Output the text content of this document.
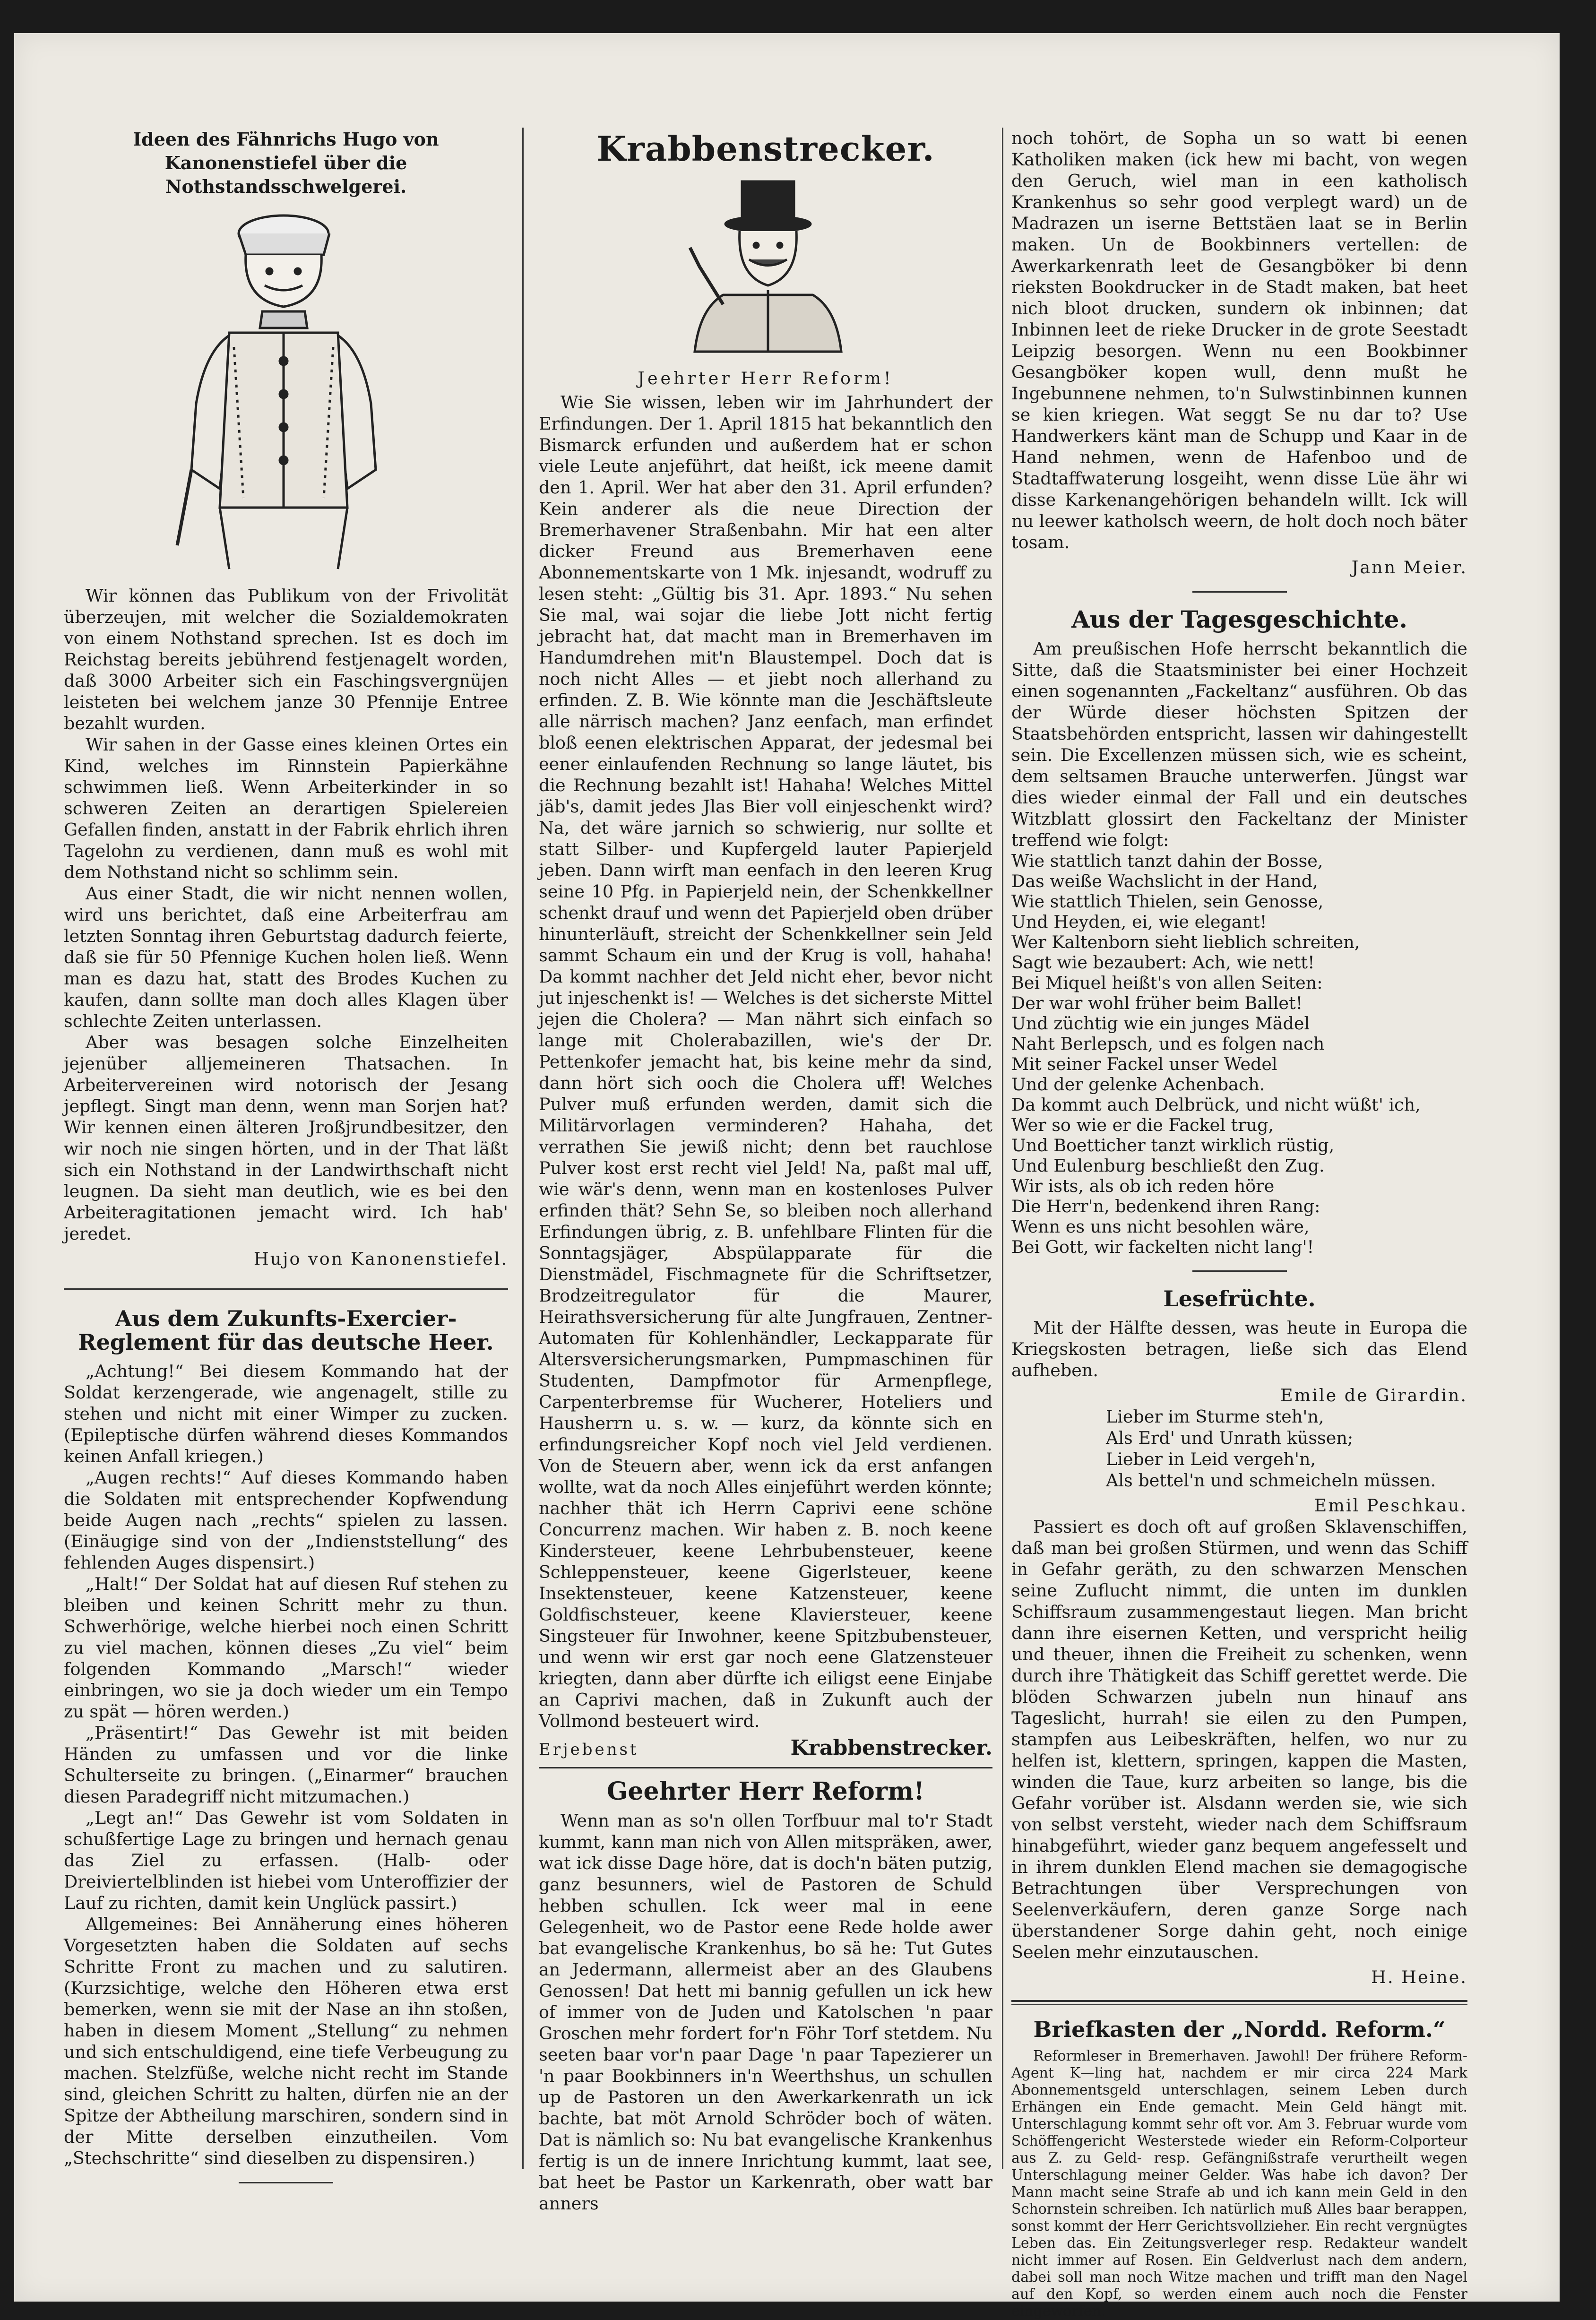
Ideen des Fähnrichs Hugo von Kanonenstiefel über die Nothstandsschwelgerei.

Wir können das Publikum von der Frivolität überzeujen, mit welcher die Sozialdemokraten von einem Nothstand sprechen. Ist es doch im Reichstag bereits jebührend festjenagelt worden, daß 3000 Arbeiter sich ein Faschingsvergnüjen leisteten bei welchem janze 30 Pfennije Entree bezahlt wurden.

Wir sahen in der Gasse eines kleinen Ortes ein Kind, welches im Rinnstein Papierkähne schwimmen ließ. Wenn Arbeiterkinder in so schweren Zeiten an derartigen Spielereien Gefallen finden, anstatt in der Fabrik ehrlich ihren Tagelohn zu verdienen, dann muß es wohl mit dem Nothstand nicht so schlimm sein.

Aus einer Stadt, die wir nicht nennen wollen, wird uns berichtet, daß eine Arbeiterfrau am letzten Sonntag ihren Geburtstag dadurch feierte, daß sie für 50 Pfennige Kuchen holen ließ. Wenn man es dazu hat, statt des Brodes Kuchen zu kaufen, dann sollte man doch alles Klagen über schlechte Zeiten unterlassen.

Aber was besagen solche Einzelheiten jejenüber alljemeineren Thatsachen. In Arbeitervereinen wird notorisch der Jesang jepflegt. Singt man denn, wenn man Sorjen hat? Wir kennen einen älteren Jroßjrundbesitzer, den wir noch nie singen hörten, und in der That läßt sich ein Nothstand in der Landwirthschaft nicht leugnen. Da sieht man deutlich, wie es bei den Arbeiteragitationen jemacht wird. Ich hab' jeredet.

Hujo von Kanonenstiefel.
Aus dem Zukunfts-Exercier-Reglement für das deutsche Heer.

„Achtung!“ Bei diesem Kommando hat der Soldat kerzengerade, wie angenagelt, stille zu stehen und nicht mit einer Wimper zu zucken. (Epileptische dürfen während dieses Kommandos keinen Anfall kriegen.)

„Augen rechts!“ Auf dieses Kommando haben die Soldaten mit entsprechender Kopfwendung beide Augen nach „rechts“ spielen zu lassen. (Einäugige sind von der „Indienststellung“ des fehlenden Auges dispensirt.)

„Halt!“ Der Soldat hat auf diesen Ruf stehen zu bleiben und keinen Schritt mehr zu thun. Schwerhörige, welche hierbei noch einen Schritt zu viel machen, können dieses „Zu viel“ beim folgenden Kommando „Marsch!“ wieder einbringen, wo sie ja doch wieder um ein Tempo zu spät — hören werden.)

„Präsentirt!“ Das Gewehr ist mit beiden Händen zu umfassen und vor die linke Schulterseite zu bringen. („Einarmer“ brauchen diesen Paradegriff nicht mitzumachen.)

„Legt an!“ Das Gewehr ist vom Soldaten in schußfertige Lage zu bringen und hernach genau das Ziel zu erfassen. (Halb- oder Dreiviertelblinden ist hiebei vom Unteroffizier der Lauf zu richten, damit kein Unglück passirt.)

Allgemeines: Bei Annäherung eines höheren Vorgesetzten haben die Soldaten auf sechs Schritte Front zu machen und zu salutiren. (Kurzsichtige, welche den Höheren etwa erst bemerken, wenn sie mit der Nase an ihn stoßen, haben in diesem Moment „Stellung“ zu nehmen und sich entschuldigend, eine tiefe Verbeugung zu machen. Stelzfüße, welche nicht recht im Stande sind, gleichen Schritt zu halten, dürfen nie an der Spitze der Abtheilung marschiren, sondern sind in der Mitte derselben einzutheilen. Vom „Stechschritte“ sind dieselben zu dispensiren.)

Krabbenstrecker.

Jeehrter Herr Reform!

Wie Sie wissen, leben wir im Jahrhundert der Erfindungen. Der 1. April 1815 hat bekanntlich den Bismarck erfunden und außerdem hat er schon viele Leute anjeführt, dat heißt, ick meene damit den 1. April. Wer hat aber den 31. April erfunden? Kein anderer als die neue Direction der Bremerhavener Straßenbahn. Mir hat een alter dicker Freund aus Bremerhaven eene Abonnementskarte von 1 Mk. injesandt, wodruff zu lesen steht: „Gültig bis 31. Apr. 1893.“ Nu sehen Sie mal, wai sojar die liebe Jott nicht fertig jebracht hat, dat macht man in Bremerhaven im Handumdrehen mit'n Blaustempel. Doch dat is noch nicht Alles — et jiebt noch allerhand zu erfinden. Z. B. Wie könnte man die Jeschäftsleute alle närrisch machen? Janz eenfach, man erfindet bloß eenen elektrischen Apparat, der jedesmal bei eener einlaufenden Rechnung so lange läutet, bis die Rechnung bezahlt ist! Hahaha! Welches Mittel jäb's, damit jedes Jlas Bier voll einjeschenkt wird? Na, det wäre jarnich so schwierig, nur sollte et statt Silber- und Kupfergeld lauter Papierjeld jeben. Dann wirft man eenfach in den leeren Krug seine 10 Pfg. in Papierjeld nein, der Schenkkellner schenkt drauf und wenn det Papierjeld oben drüber hinunterläuft, streicht der Schenkkellner sein Jeld sammt Schaum ein und der Krug is voll, hahaha! Da kommt nachher det Jeld nicht eher, bevor nicht jut injeschenkt is! — Welches is det sicherste Mittel jejen die Cholera? — Man nährt sich einfach so lange mit Cholerabazillen, wie's der Dr. Pettenkofer jemacht hat, bis keine mehr da sind, dann hört sich ooch die Cholera uff! Welches Pulver muß erfunden werden, damit sich die Militärvorlagen verminderen? Hahaha, det verrathen Sie jewiß nicht; denn bet rauchlose Pulver kost erst recht viel Jeld! Na, paßt mal uff, wie wär's denn, wenn man en kostenloses Pulver erfinden thät? Sehn Se, so bleiben noch allerhand Erfindungen übrig, z. B. unfehlbare Flinten für die Sonntagsjäger, Abspülapparate für die Dienstmädel, Fischmagnete für die Schriftsetzer, Brodzeitregulator für die Maurer, Heirathsversicherung für alte Jungfrauen, Zentner-Automaten für Kohlenhändler, Leckapparate für Altersversicherungsmarken, Pumpmaschinen für Studenten, Dampfmotor für Armenpflege, Carpenterbremse für Wucherer, Hoteliers und Hausherrn u. s. w. — kurz, da könnte sich en erfindungsreicher Kopf noch viel Jeld verdienen. Von de Steuern aber, wenn ick da erst anfangen wollte, wat da noch Alles einjeführt werden könnte; nachher thät ich Herrn Caprivi eene schöne Concurrenz machen. Wir haben z. B. noch keene Kindersteuer, keene Lehrbubensteuer, keene Schleppensteuer, keene Gigerlsteuer, keene Insektensteuer, keene Katzensteuer, keene Goldfischsteuer, keene Klaviersteuer, keene Singsteuer für Inwohner, keene Spitzbubensteuer, und wenn wir erst gar noch eene Glatzensteuer kriegten, dann aber dürfte ich eiligst eene Einjabe an Caprivi machen, daß in Zukunft auch der Vollmond besteuert wird.

Erjebenst	Krabbenstrecker.
Geehrter Herr Reform!

Wenn man as so'n ollen Torfbuur mal to'r Stadt kummt, kann man nich von Allen mitspräken, awer, wat ick disse Dage höre, dat is doch'n bäten putzig, ganz besunners, wiel de Pastoren de Schuld hebben schullen. Ick weer mal in eene Gelegenheit, wo de Pastor eene Rede holde awer bat evangelische Krankenhus, bo sä he: Tut Gutes an Jedermann, allermeist aber an des Glaubens Genossen! Dat hett mi bannig gefullen un ick hew of immer von de Juden und Katolschen 'n paar Groschen mehr fordert for'n Föhr Torf stetdem. Nu seeten baar vor'n paar Dage 'n paar Tapezierer un 'n paar Bookbinners in'n Weerthshus, un schullen up de Pastoren un den Awerkarkenrath un ick bachte, bat möt Arnold Schröder boch of wäten. Dat is nämlich so: Nu bat evangelische Krankenhus fertig is un de innere Inrichtung kummt, laat see, bat heet be Pastor un Karkenrath, ober watt bar anners

noch tohört, de Sopha un so watt bi eenen Katholiken maken (ick hew mi bacht, von wegen den Geruch, wiel man in een katholisch Krankenhus so sehr good verplegt ward) un de Madrazen un iserne Bettstäen laat se in Berlin maken. Un de Bookbinners vertellen: de Awerkarkenrath leet de Gesangböker bi denn rieksten Bookdrucker in de Stadt maken, bat heet nich bloot drucken, sundern ok inbinnen; dat Inbinnen leet de rieke Drucker in de grote Seestadt Leipzig besorgen. Wenn nu een Bookbinner Gesangböker kopen wull, denn mußt he Ingebunnene nehmen, to'n Sulwstinbinnen kunnen se kien kriegen. Wat seggt Se nu dar to? Use Handwerkers känt man de Schupp und Kaar in de Hand nehmen, wenn de Hafenboo und de Stadtaffwaterung losgeiht, wenn disse Lüe ähr wi disse Karkenangehörigen behandeln willt. Ick will nu leewer katholsch weern, de holt doch noch bäter tosam.

Jann Meier.
Aus der Tagesgeschichte.

Am preußischen Hofe herrscht bekanntlich die Sitte, daß die Staatsminister bei einer Hochzeit einen sogenannten „Fackeltanz“ ausführen. Ob das der Würde dieser höchsten Spitzen der Staatsbehörden entspricht, lassen wir dahingestellt sein. Die Excellenzen müssen sich, wie es scheint, dem seltsamen Brauche unterwerfen. Jüngst war dies wieder einmal der Fall und ein deutsches Witzblatt glossirt den Fackeltanz der Minister treffend wie folgt:

Wie stattlich tanzt dahin der Bosse,

Das weiße Wachslicht in der Hand,

Wie stattlich Thielen, sein Genosse,

Und Heyden, ei, wie elegant!

Wer Kaltenborn sieht lieblich schreiten,

Sagt wie bezaubert: Ach, wie nett!

Bei Miquel heißt's von allen Seiten:

Der war wohl früher beim Ballet!

Und züchtig wie ein junges Mädel

Naht Berlepsch, und es folgen nach

Mit seiner Fackel unser Wedel

Und der gelenke Achenbach.

Da kommt auch Delbrück, und nicht wüßt' ich,

Wer so wie er die Fackel trug,

Und Boetticher tanzt wirklich rüstig,

Und Eulenburg beschließt den Zug.

Wir ists, als ob ich reden höre

Die Herr'n, bedenkend ihren Rang:

Wenn es uns nicht besohlen wäre,

Bei Gott, wir fackelten nicht lang'!

Lesefrüchte.

Mit der Hälfte dessen, was heute in Europa die Kriegskosten betragen, ließe sich das Elend aufheben.

Emile de Girardin.

Lieber im Sturme steh'n,

Als Erd' und Unrath küssen;

Lieber in Leid vergeh'n,

Als bettel'n und schmeicheln müssen.

Emil Peschkau.

Passiert es doch oft auf großen Sklavenschiffen, daß man bei großen Stürmen, und wenn das Schiff in Gefahr geräth, zu den schwarzen Menschen seine Zuflucht nimmt, die unten im dunklen Schiffsraum zusammengestaut liegen. Man bricht dann ihre eisernen Ketten, und verspricht heilig und theuer, ihnen die Freiheit zu schenken, wenn durch ihre Thätigkeit das Schiff gerettet werde. Die blöden Schwarzen jubeln nun hinauf ans Tageslicht, hurrah! sie eilen zu den Pumpen, stampfen aus Leibeskräften, helfen, wo nur zu helfen ist, klettern, springen, kappen die Masten, winden die Taue, kurz arbeiten so lange, bis die Gefahr vorüber ist. Alsdann werden sie, wie sich von selbst versteht, wieder nach dem Schiffsraum hinabgeführt, wieder ganz bequem angefesselt und in ihrem dunklen Elend machen sie demagogische Betrachtungen über Versprechungen von Seelenverkäufern, deren ganze Sorge nach überstandener Sorge dahin geht, noch einige Seelen mehr einzutauschen.

H. Heine.
Briefkasten der „Nordd. Reform.“

Reformleser in Bremerhaven. Jawohl! Der frühere Reform-Agent K—ling hat, nachdem er mir circa 224 Mark Abonnementsgeld unterschlagen, seinem Leben durch Erhängen ein Ende gemacht. Mein Geld hängt mit. Unterschlagung kommt sehr oft vor. Am 3. Februar wurde vom Schöffengericht Westerstede wieder ein Reform-Colporteur aus Z. zu Geld- resp. Gefängnißstrafe verurtheilt wegen Unterschlagung meiner Gelder. Was habe ich davon? Der Mann macht seine Strafe ab und ich kann mein Geld in den Schornstein schreiben. Ich natürlich muß Alles baar berappen, sonst kommt der Herr Gerichtsvollzieher. Ein recht vergnügtes Leben das. Ein Zeitungsverleger resp. Redakteur wandelt nicht immer auf Rosen. Ein Geldverlust nach dem andern, dabei soll man noch Witze machen und trifft man den Nagel auf den Kopf, so werden einem auch noch die Fenster eingeworfen.
